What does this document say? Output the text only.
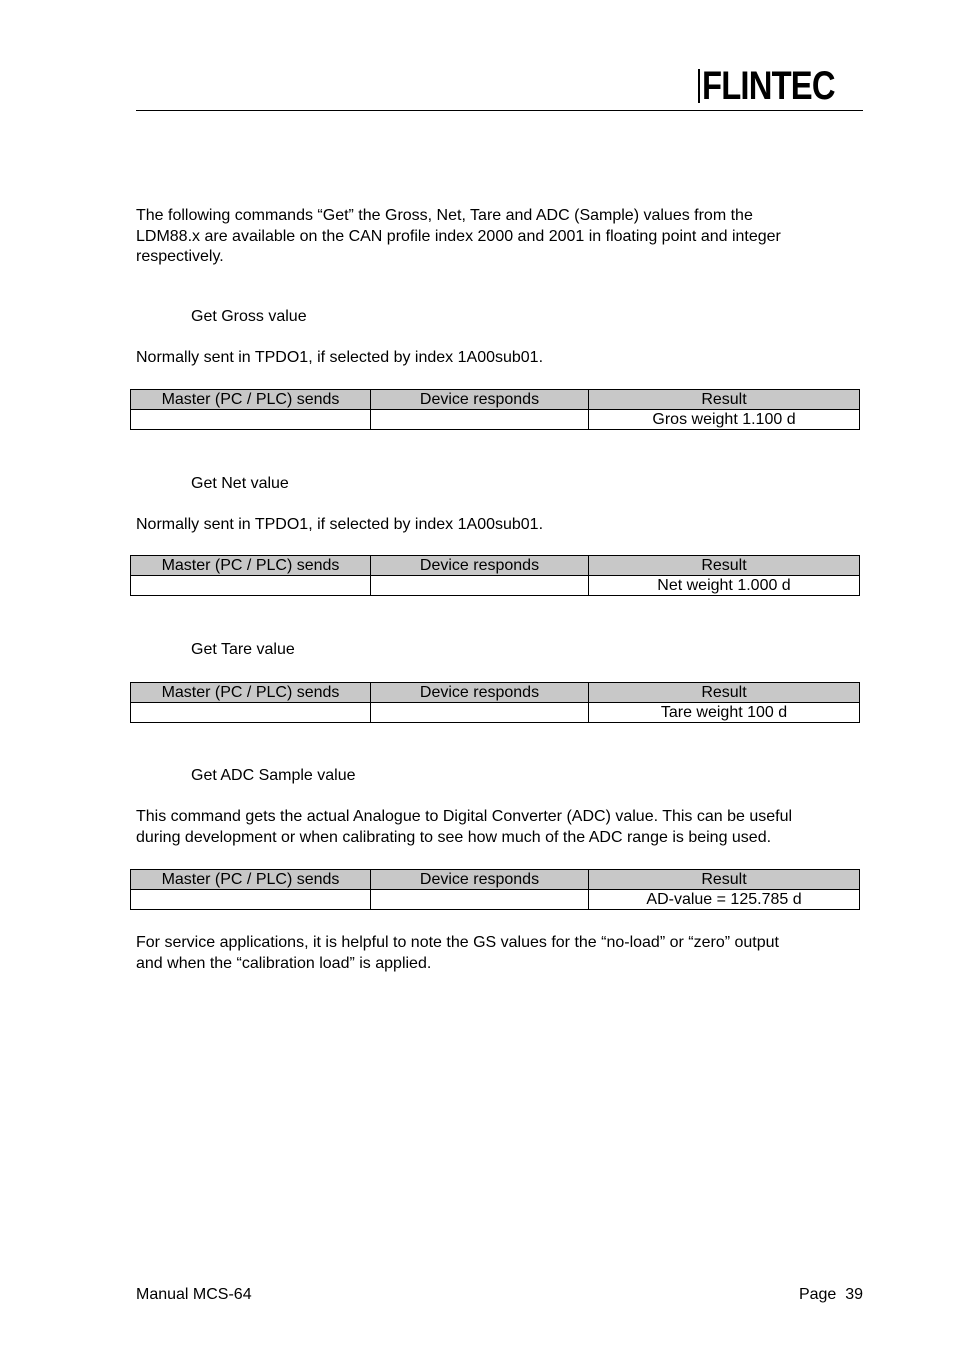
FLINTEC
The following commands “Get” the Gross, Net, Tare and ADC (Sample) values from the
LDM88.x are available on the CAN profile index 2000 and 2001 in floating point and integer
respectively.
Get Gross value
Normally sent in TPDO1, if selected by index 1A00sub01.
Master (PC / PLC) sends	Device responds	Result
		Gros weight 1.100 d
Get Net value
Normally sent in TPDO1, if selected by index 1A00sub01.
Master (PC / PLC) sends	Device responds	Result
		Net weight 1.000 d
Get Tare value
Master (PC / PLC) sends	Device responds	Result
		Tare weight 100 d
Get ADC Sample value
This command gets the actual Analogue to Digital Converter (ADC) value. This can be useful
during development or when calibrating to see how much of the ADC range is being used.
Master (PC / PLC) sends	Device responds	Result
		AD-value = 125.785 d
For service applications, it is helpful to note the GS values for the “no-load” or “zero” output
and when the “calibration load” is applied.
Manual MCS-64	Page  39
